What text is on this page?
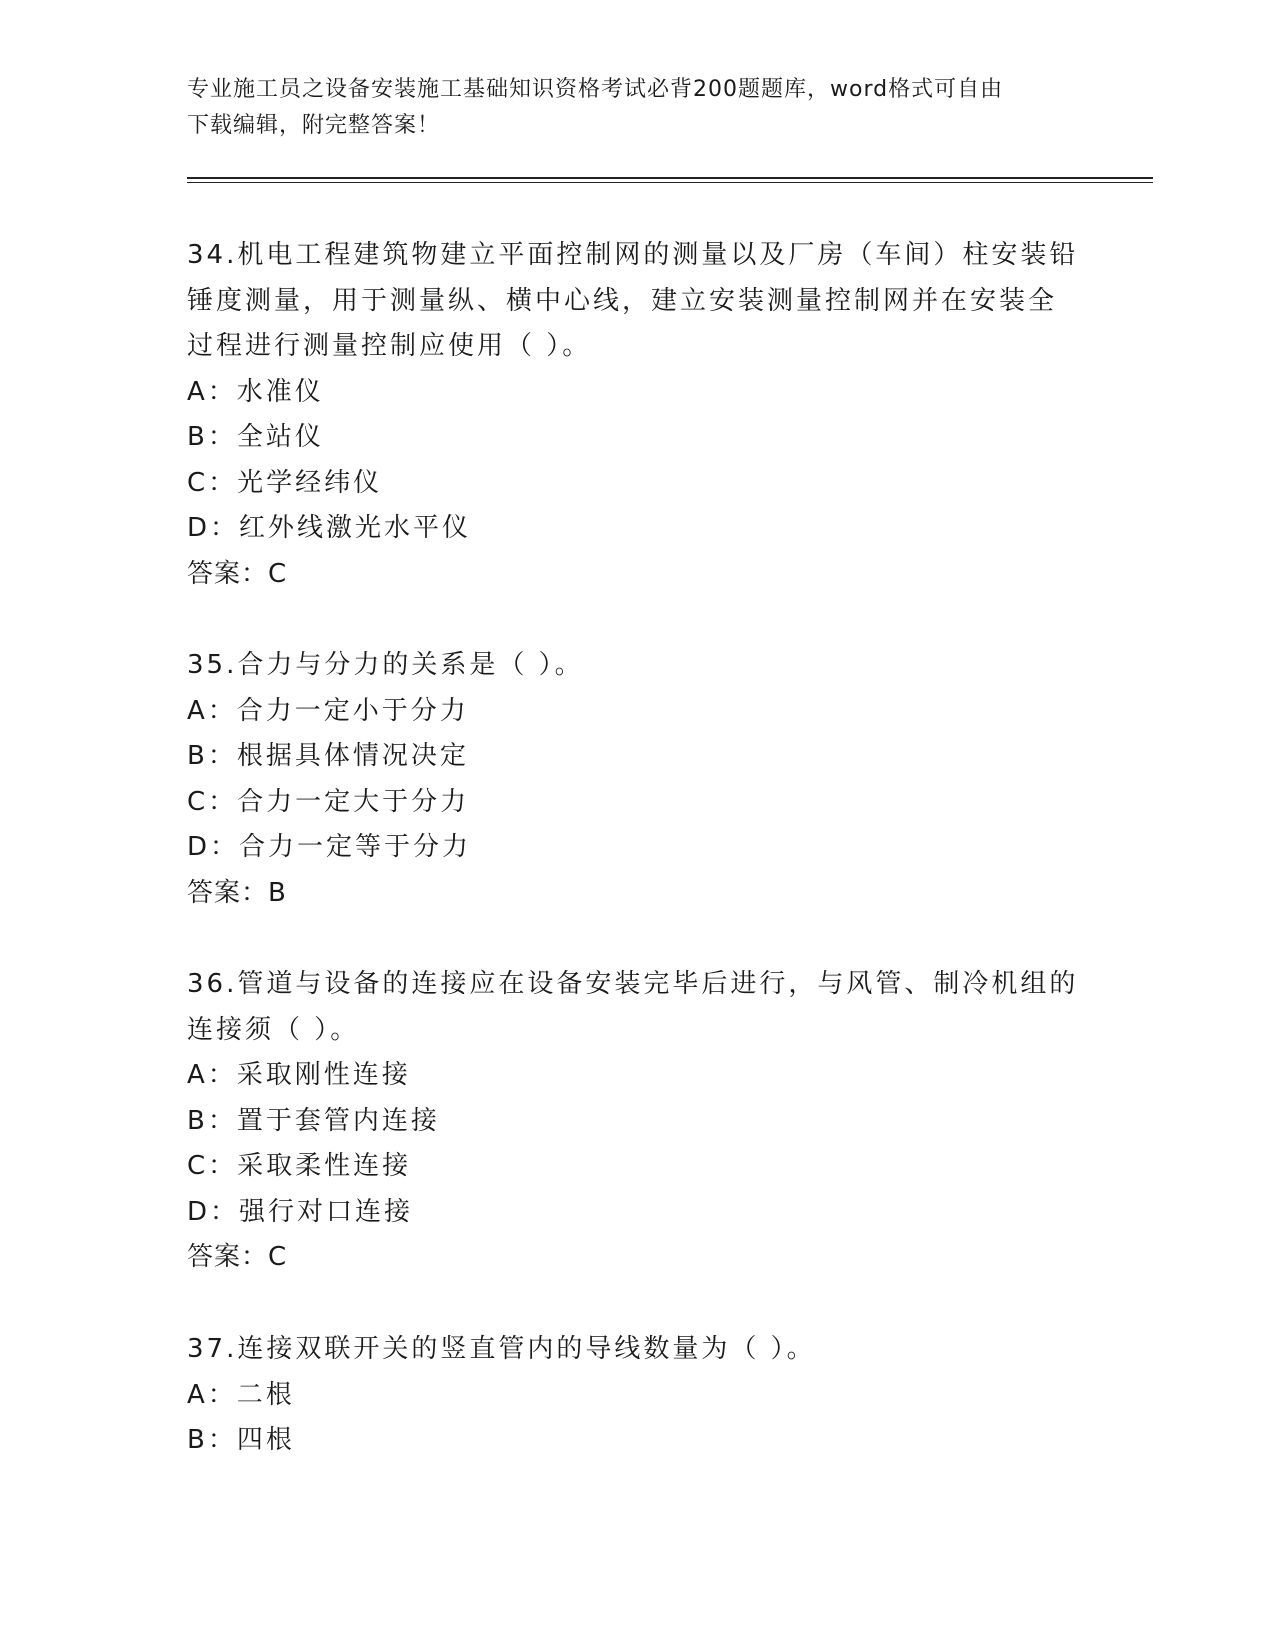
专业施工员之设备安装施工基础知识资格考试必背200题题库，word格式可自由
下载编辑，附完整答案！

34.机电工程建筑物建立平面控制网的测量以及厂房（车间）柱安装铅

锤度测量，用于测量纵、横中心线，建立安装测量控制网并在安装全

过程进行测量控制应使用（ ）。

A：水准仪

B：全站仪

C：光学经纬仪

D：红外线激光水平仪

答案：C

35.合力与分力的关系是（ ）。

A：合力一定小于分力

B：根据具体情况决定

C：合力一定大于分力

D：合力一定等于分力

答案：B

36.管道与设备的连接应在设备安装完毕后进行，与风管、制冷机组的

连接须（ ）。

A：采取刚性连接

B：置于套管内连接

C：采取柔性连接

D：强行对口连接

答案：C

37.连接双联开关的竖直管内的导线数量为（ ）。

A：二根

B：四根
